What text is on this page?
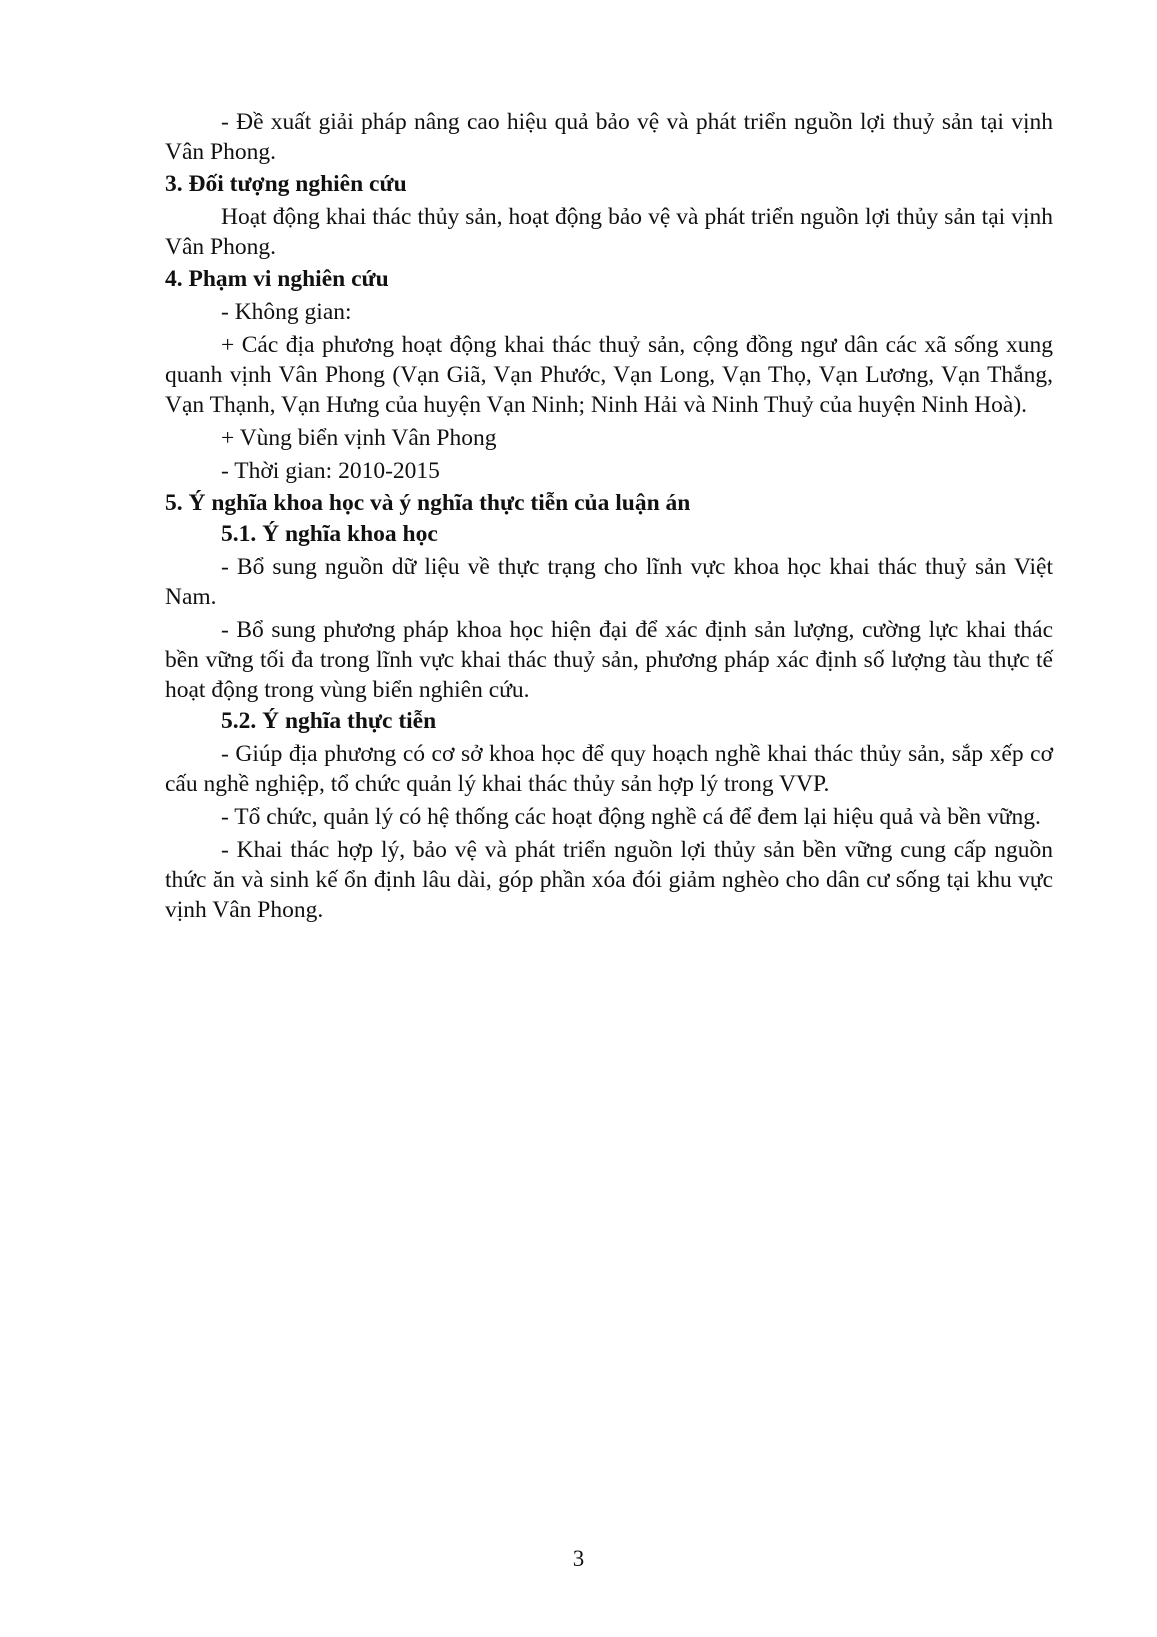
- Đề xuất giải pháp nâng cao hiệu quả bảo vệ và phát triển nguồn lợi thuỷ sản tại vịnh Vân Phong.

3. Đối tượng nghiên cứu

Hoạt động khai thác thủy sản, hoạt động bảo vệ và phát triển nguồn lợi thủy sản tại vịnh Vân Phong.

4. Phạm vi nghiên cứu

- Không gian:

+ Các địa phương hoạt động khai thác thuỷ sản, cộng đồng ngư dân các xã sống xung quanh vịnh Vân Phong (Vạn Giã, Vạn Phước, Vạn Long, Vạn Thọ, Vạn Lương, Vạn Thắng, Vạn Thạnh, Vạn Hưng của huyện Vạn Ninh; Ninh Hải và Ninh Thuỷ của huyện Ninh Hoà).

+ Vùng biển vịnh Vân Phong

- Thời gian: 2010-2015

5. Ý nghĩa khoa học và ý nghĩa thực tiễn của luận án

5.1. Ý nghĩa khoa học

- Bổ sung nguồn dữ liệu về thực trạng cho lĩnh vực khoa học khai thác thuỷ sản Việt Nam.

- Bổ sung phương pháp khoa học hiện đại để xác định sản lượng, cường lực khai thác bền vững tối đa trong lĩnh vực khai thác thuỷ sản, phương pháp xác định số lượng tàu thực tế hoạt động trong vùng biển nghiên cứu.

5.2. Ý nghĩa thực tiễn

- Giúp địa phương có cơ sở khoa học để quy hoạch nghề khai thác thủy sản, sắp xếp cơ cấu nghề nghiệp, tổ chức quản lý khai thác thủy sản hợp lý trong VVP.

- Tổ chức, quản lý có hệ thống các hoạt động nghề cá để đem lại hiệu quả và bền vững.

- Khai thác hợp lý, bảo vệ và phát triển nguồn lợi thủy sản bền vững cung cấp nguồn thức ăn và sinh kế ổn định lâu dài, góp phần xóa đói giảm nghèo cho dân cư sống tại khu vực vịnh Vân Phong.

3
